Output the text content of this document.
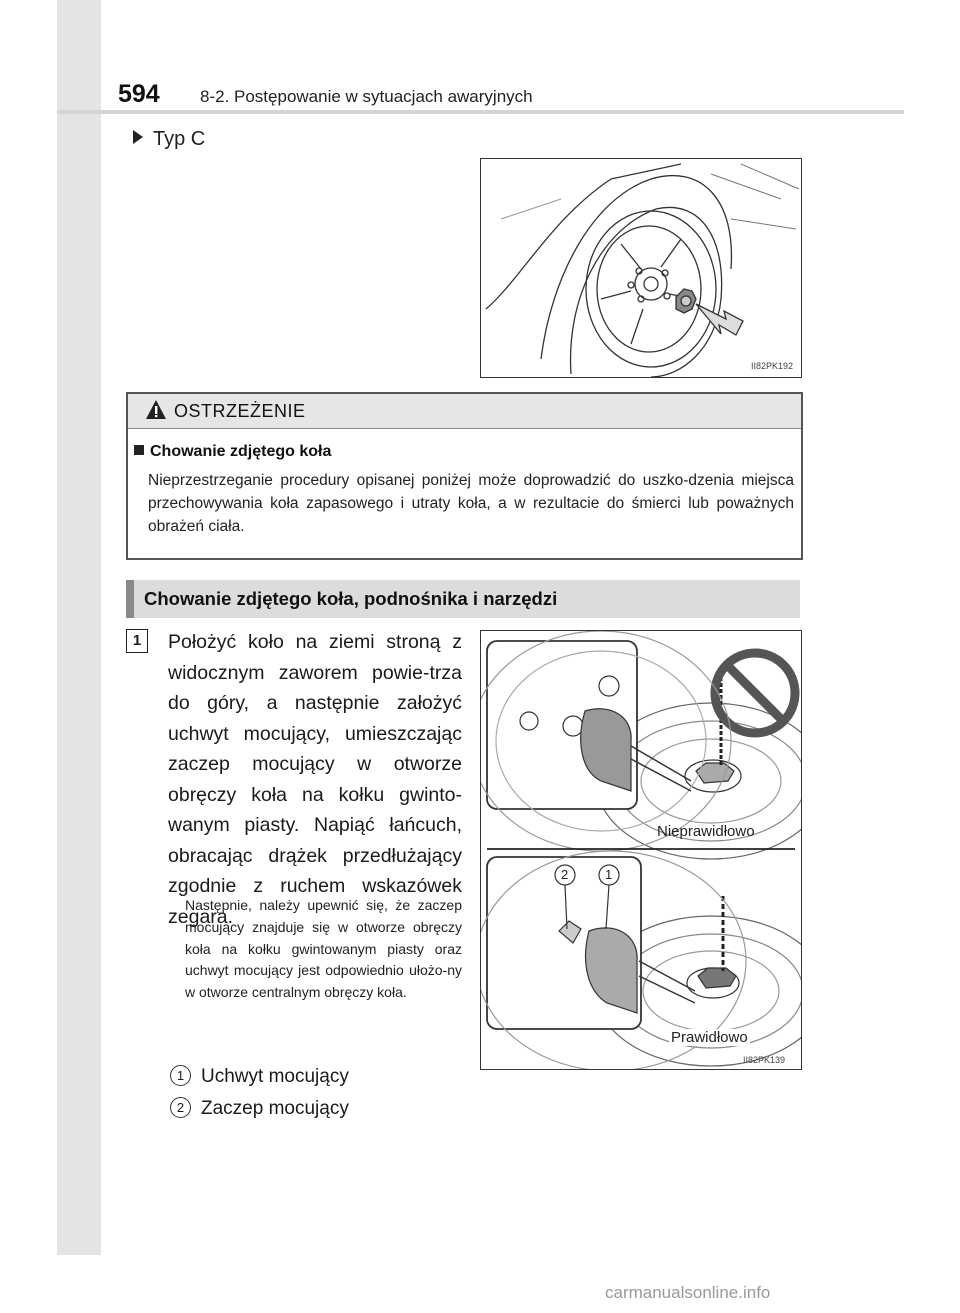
594 8-2. Postępowanie w sytuacjach awaryjnych
Typ C
II82PK192
OSTRZEŻENIE
Chowanie zdjętego koła
Nieprzestrzeganie procedury opisanej poniżej może doprowadzić do uszko-dzenia miejsca przechowywania koła zapasowego i utraty koła, a w rezultacie do śmierci lub poważnych obrażeń ciała.
Chowanie zdjętego koła, podnośnika i narzędzi
1	Położyć koło na ziemi stroną z widocznym zaworem powie-trza do góry, a następnie założyć uchwyt mocujący, umieszczając zaczep mocujący w otworze obręczy koła na kołku gwinto-wanym piasty. Napiąć łańcuch, obracając drążek przedłużający zgodnie z ruchem wskazówek zegara.
Następnie, należy upewnić się, że zaczep mocujący znajduje się w otworze obręczy koła na kołku gwintowanym piasty oraz uchwyt mocujący jest odpowiednio ułożo-ny w otworze centralnym obręczy koła.
Nieprawidłowo
Prawidłowo
2	1
II82PK139
1 Uchwyt mocujący
2 Zaczep mocujący
carmanualsonline.info
